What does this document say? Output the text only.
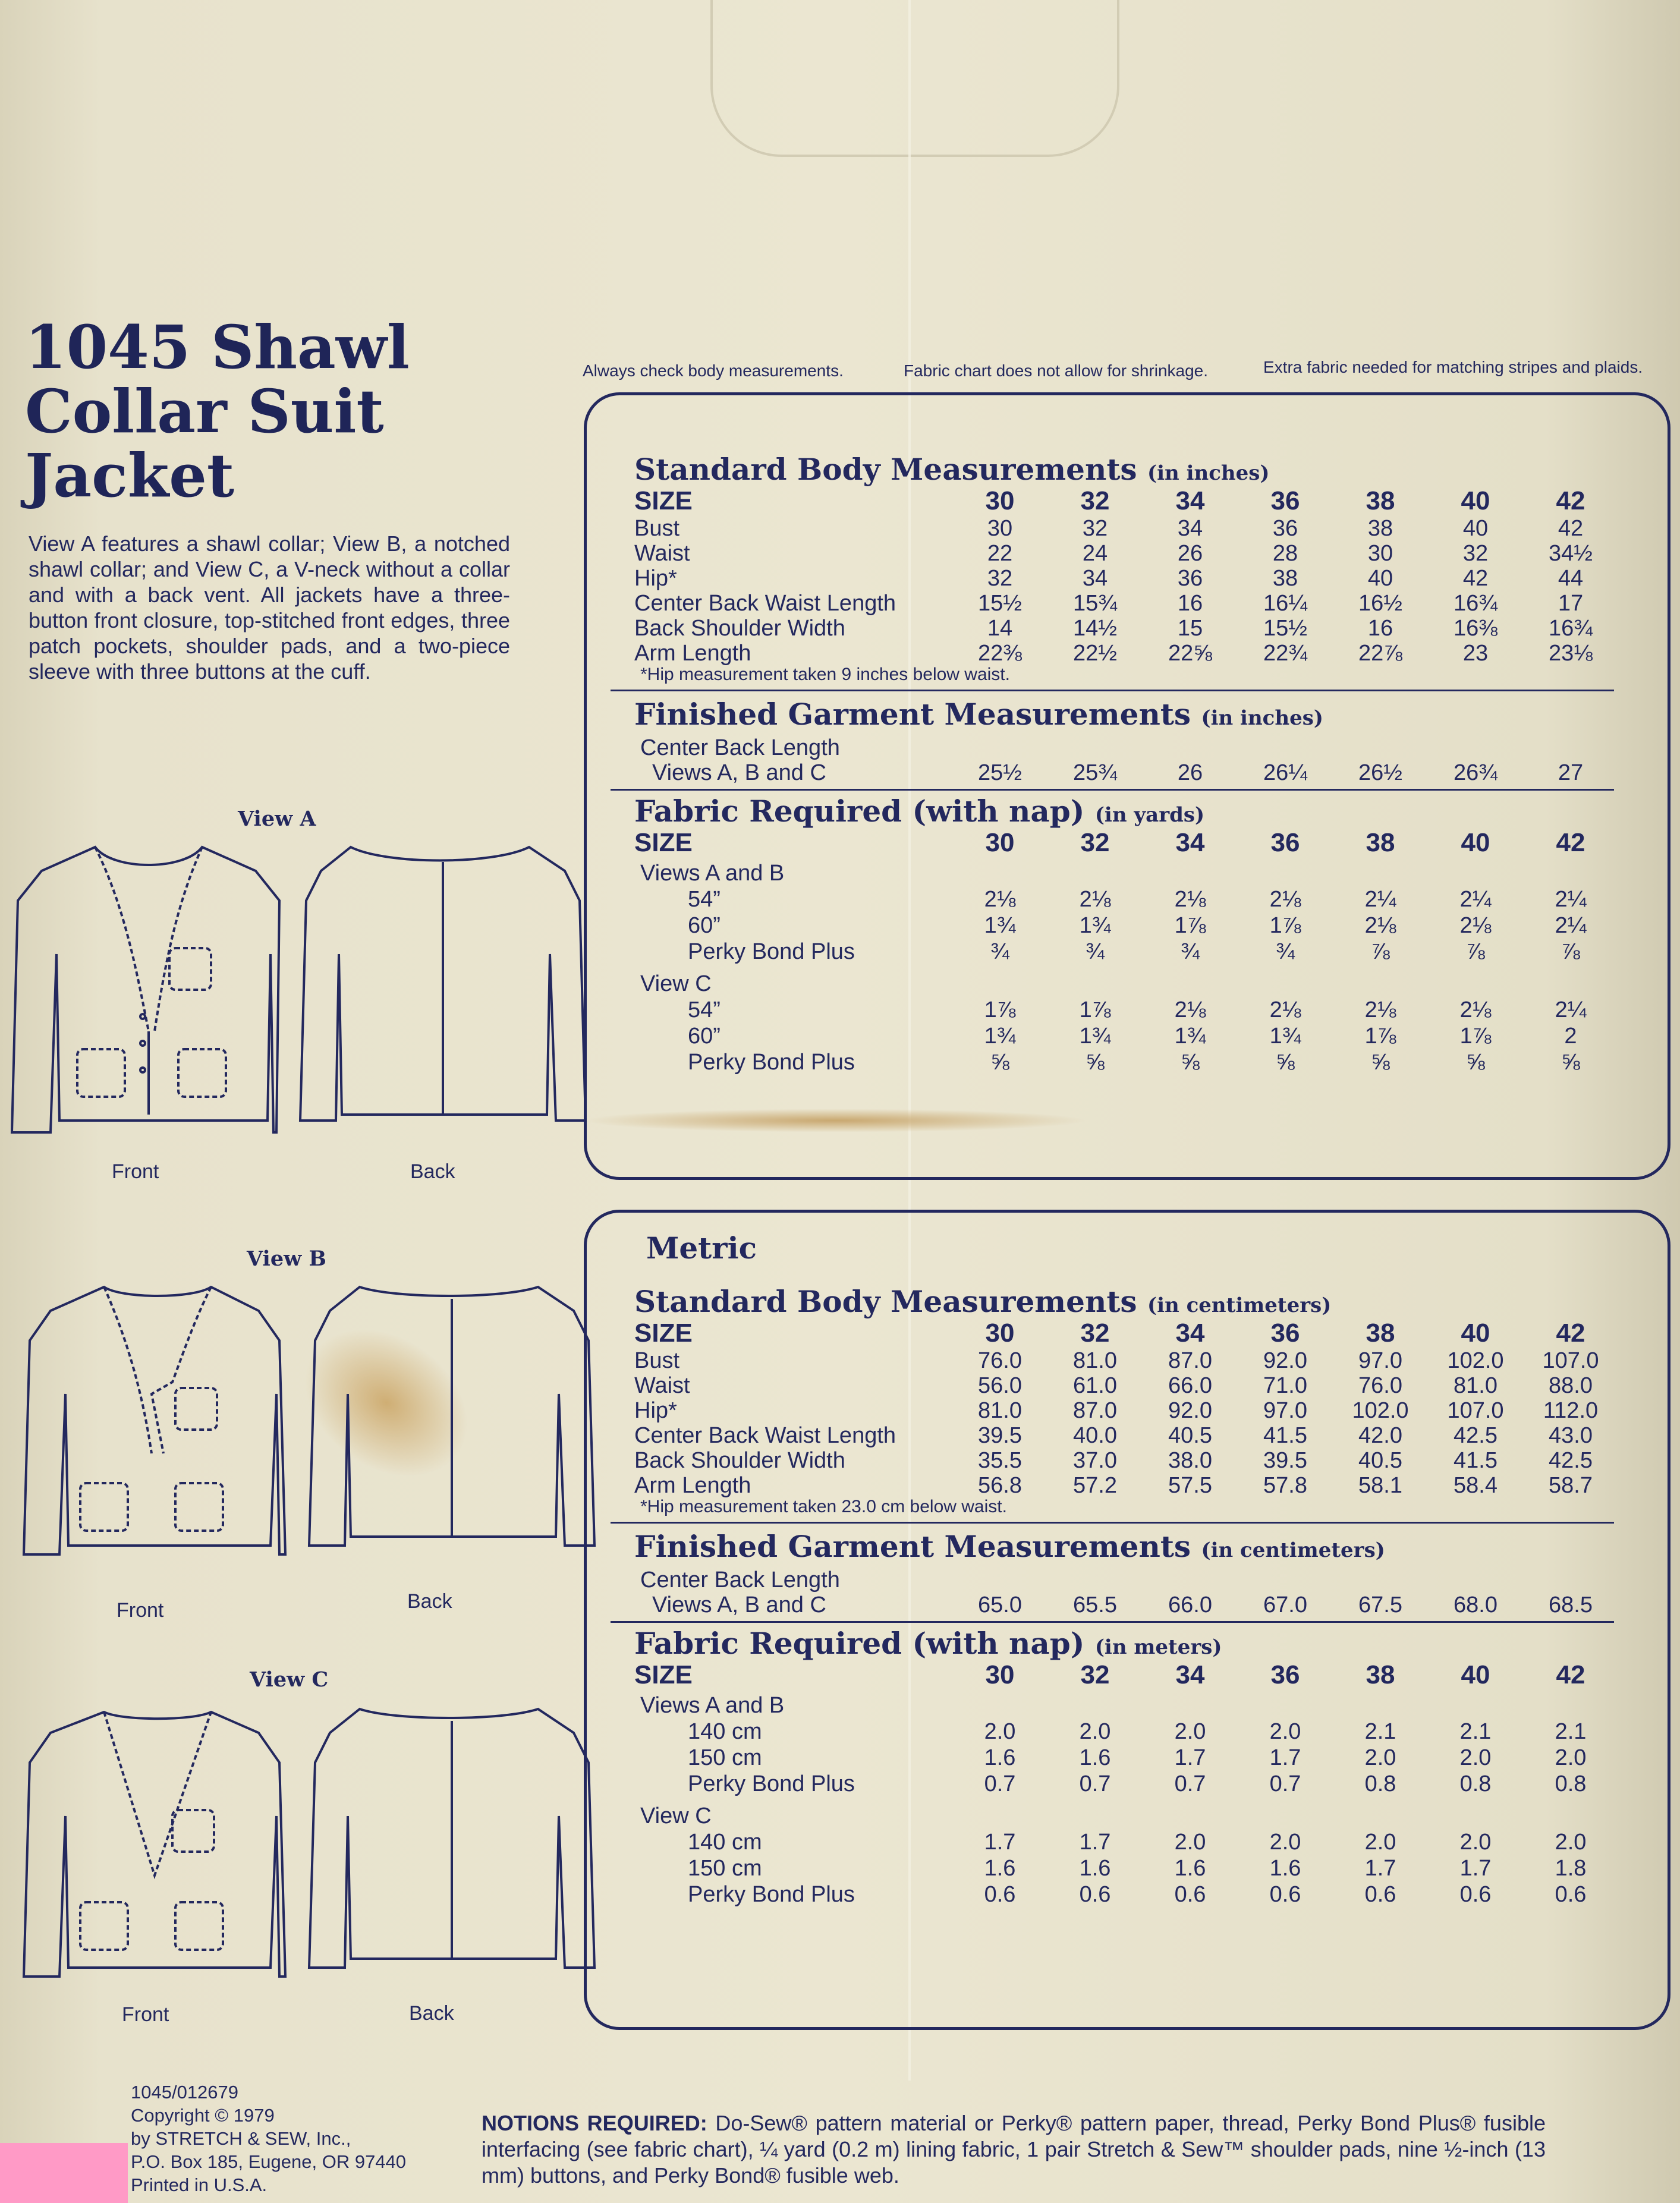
1045 Shawl
Collar Suit
Jacket
View A features a shawl collar; View B, a notched shawl collar; and View C, a V-neck without a collar and with a back vent. All jackets have a three-button front closure, top-stitched front edges, three patch pockets, shoulder pads, and a two-piece sleeve with three buttons at the cuff.
View A
Front	Back
View B
Front	Back
View C
Front	Back
Always check body measurements.	Fabric chart does not allow for shrinkage.	Extra fabric needed for matching stripes and plaids.
Standard Body Measurements (in inches)
SIZE	30	32	34	36	38	40	42
Bust	30	32	34	36	38	40	42
Waist	22	24	26	28	30	32	34½
Hip*	32	34	36	38	40	42	44
Center Back Waist Length	15½	15¾	16	16¼	16½	16¾	17
Back Shoulder Width	14	14½	15	15½	16	16⅜	16¾
Arm Length	22⅜	22½	22⅝	22¾	22⅞	23	23⅛
*Hip measurement taken 9 inches below waist.
Finished Garment Measurements (in inches)
Center Back Length
Views A, B and C	25½	25¾	26	26¼	26½	26¾	27
Fabric Required (with nap) (in yards)
SIZE	30	32	34	36	38	40	42
Views A and B
54”	2⅛	2⅛	2⅛	2⅛	2¼	2¼	2¼
60”	1¾	1¾	1⅞	1⅞	2⅛	2⅛	2¼
Perky Bond Plus	¾	¾	¾	¾	⅞	⅞	⅞
View C
54”	1⅞	1⅞	2⅛	2⅛	2⅛	2⅛	2¼
60”	1¾	1¾	1¾	1¾	1⅞	1⅞	2
Perky Bond Plus	⅝	⅝	⅝	⅝	⅝	⅝	⅝
Metric
Standard Body Measurements (in centimeters)
SIZE	30	32	34	36	38	40	42
Bust	76.0	81.0	87.0	92.0	97.0	102.0	107.0
Waist	56.0	61.0	66.0	71.0	76.0	81.0	88.0
Hip*	81.0	87.0	92.0	97.0	102.0	107.0	112.0
Center Back Waist Length	39.5	40.0	40.5	41.5	42.0	42.5	43.0
Back Shoulder Width	35.5	37.0	38.0	39.5	40.5	41.5	42.5
Arm Length	56.8	57.2	57.5	57.8	58.1	58.4	58.7
*Hip measurement taken 23.0 cm below waist.
Finished Garment Measurements (in centimeters)
Center Back Length
Views A, B and C	65.0	65.5	66.0	67.0	67.5	68.0	68.5
Fabric Required (with nap) (in meters)
SIZE	30	32	34	36	38	40	42
Views A and B
140 cm	2.0	2.0	2.0	2.0	2.1	2.1	2.1
150 cm	1.6	1.6	1.7	1.7	2.0	2.0	2.0
Perky Bond Plus	0.7	0.7	0.7	0.7	0.8	0.8	0.8
View C
140 cm	1.7	1.7	2.0	2.0	2.0	2.0	2.0
150 cm	1.6	1.6	1.6	1.6	1.7	1.7	1.8
Perky Bond Plus	0.6	0.6	0.6	0.6	0.6	0.6	0.6
1045/012679
Copyright © 1979
by STRETCH & SEW, Inc.,
P.O. Box 185, Eugene, OR 97440
Printed in U.S.A.
NOTIONS REQUIRED: Do-Sew® pattern material or Perky® pattern paper, thread, Perky Bond Plus® fusible interfacing (see fabric chart), ¼ yard (0.2 m) lining fabric, 1 pair Stretch & Sew™ shoulder pads, nine ½-inch (13 mm) buttons, and Perky Bond® fusible web.
